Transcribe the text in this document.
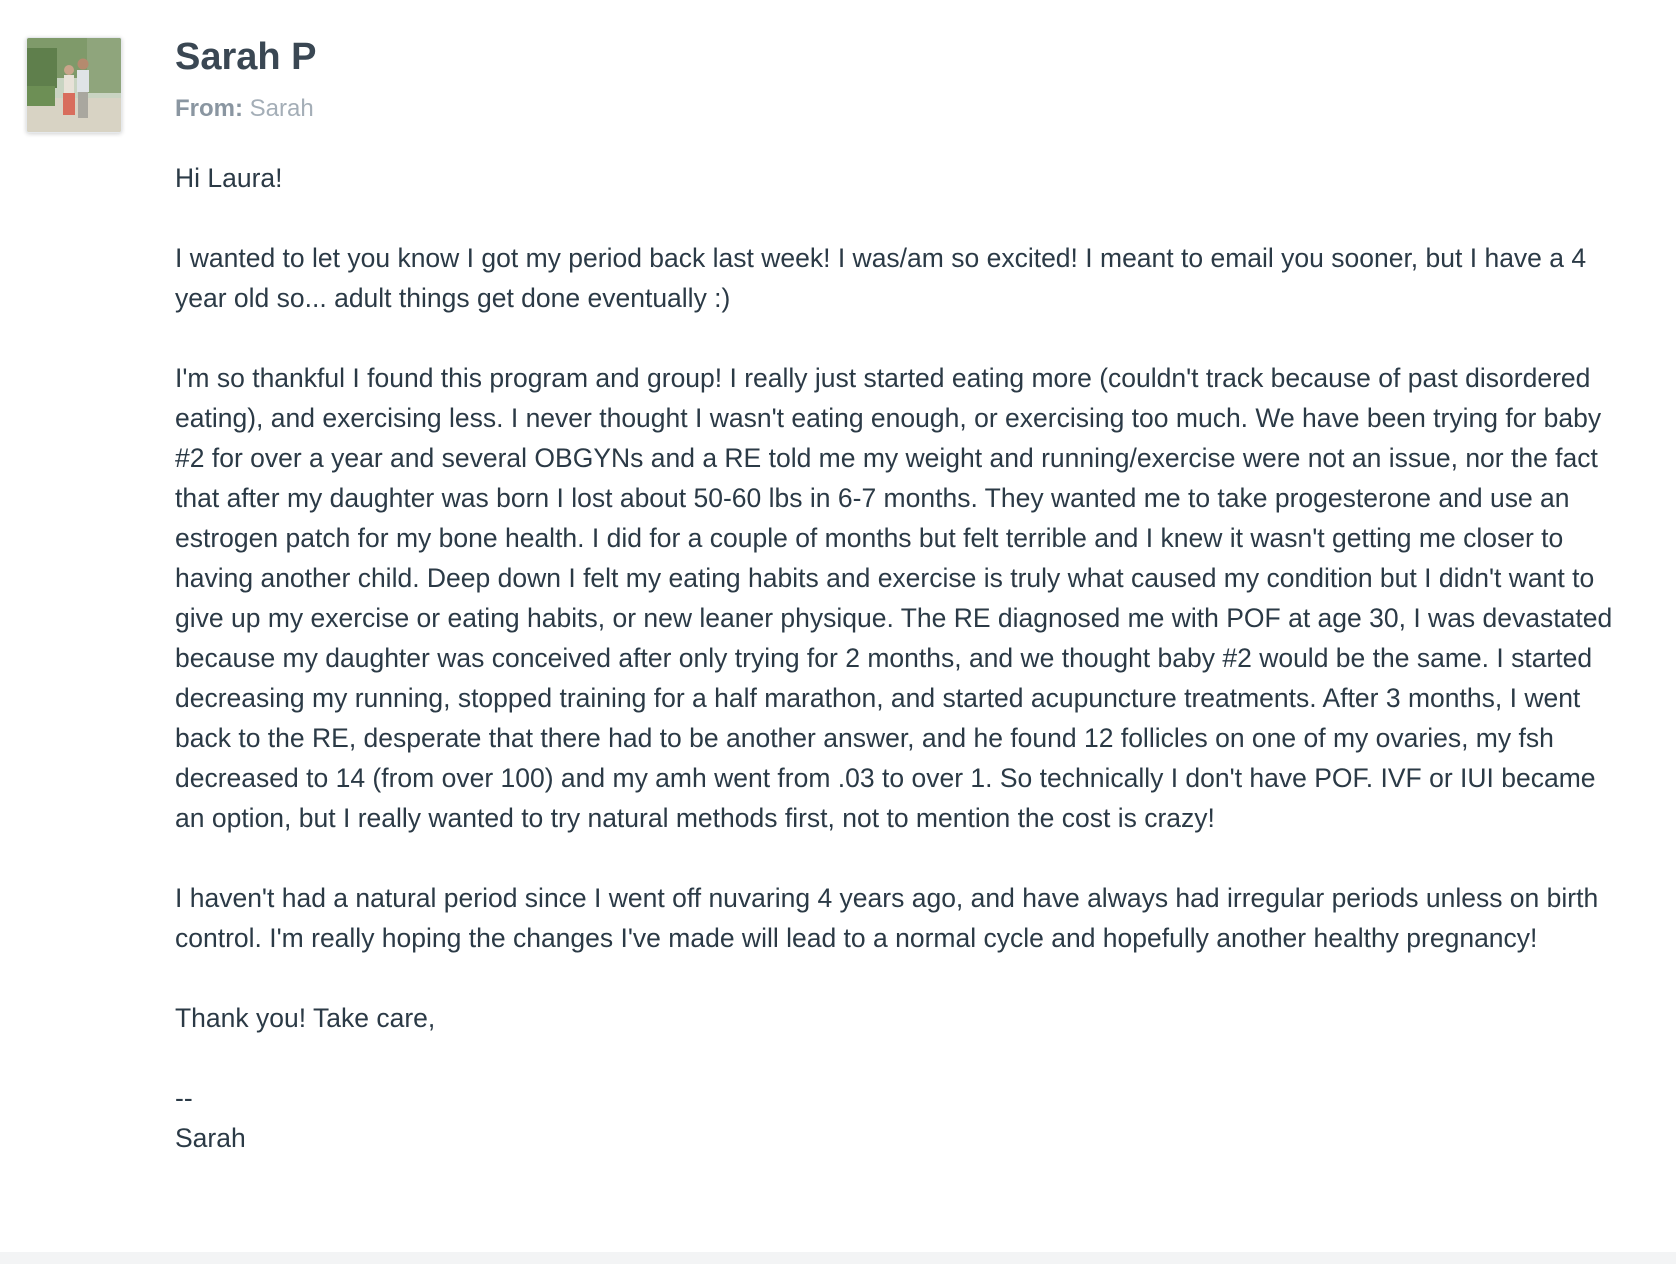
Sarah P
From: Sarah

Hi Laura!

I wanted to let you know I got my period back last week! I was/am so excited! I meant to email you sooner, but I have a 4 year old so... adult things get done eventually :)

I'm so thankful I found this program and group! I really just started eating more (couldn't track because of past disordered eating), and exercising less. I never thought I wasn't eating enough, or exercising too much. We have been trying for baby #2 for over a year and several OBGYNs and a RE told me my weight and running/exercise were not an issue, nor the fact that after my daughter was born I lost about 50-60 lbs in 6-7 months. They wanted me to take progesterone and use an estrogen patch for my bone health. I did for a couple of months but felt terrible and I knew it wasn't getting me closer to having another child. Deep down I felt my eating habits and exercise is truly what caused my condition but I didn't want to give up my exercise or eating habits, or new leaner physique. The RE diagnosed me with POF at age 30, I was devastated because my daughter was conceived after only trying for 2 months, and we thought baby #2 would be the same. I started decreasing my running, stopped training for a half marathon, and started acupuncture treatments. After 3 months, I went back to the RE, desperate that there had to be another answer, and he found 12 follicles on one of my ovaries, my fsh decreased to 14 (from over 100) and my amh went from .03 to over 1. So technically I don't have POF. IVF or IUI became an option, but I really wanted to try natural methods first, not to mention the cost is crazy!

I haven't had a natural period since I went off nuvaring 4 years ago, and have always had irregular periods unless on birth control. I'm really hoping the changes I've made will lead to a normal cycle and hopefully another healthy pregnancy!

Thank you! Take care,

--

Sarah
